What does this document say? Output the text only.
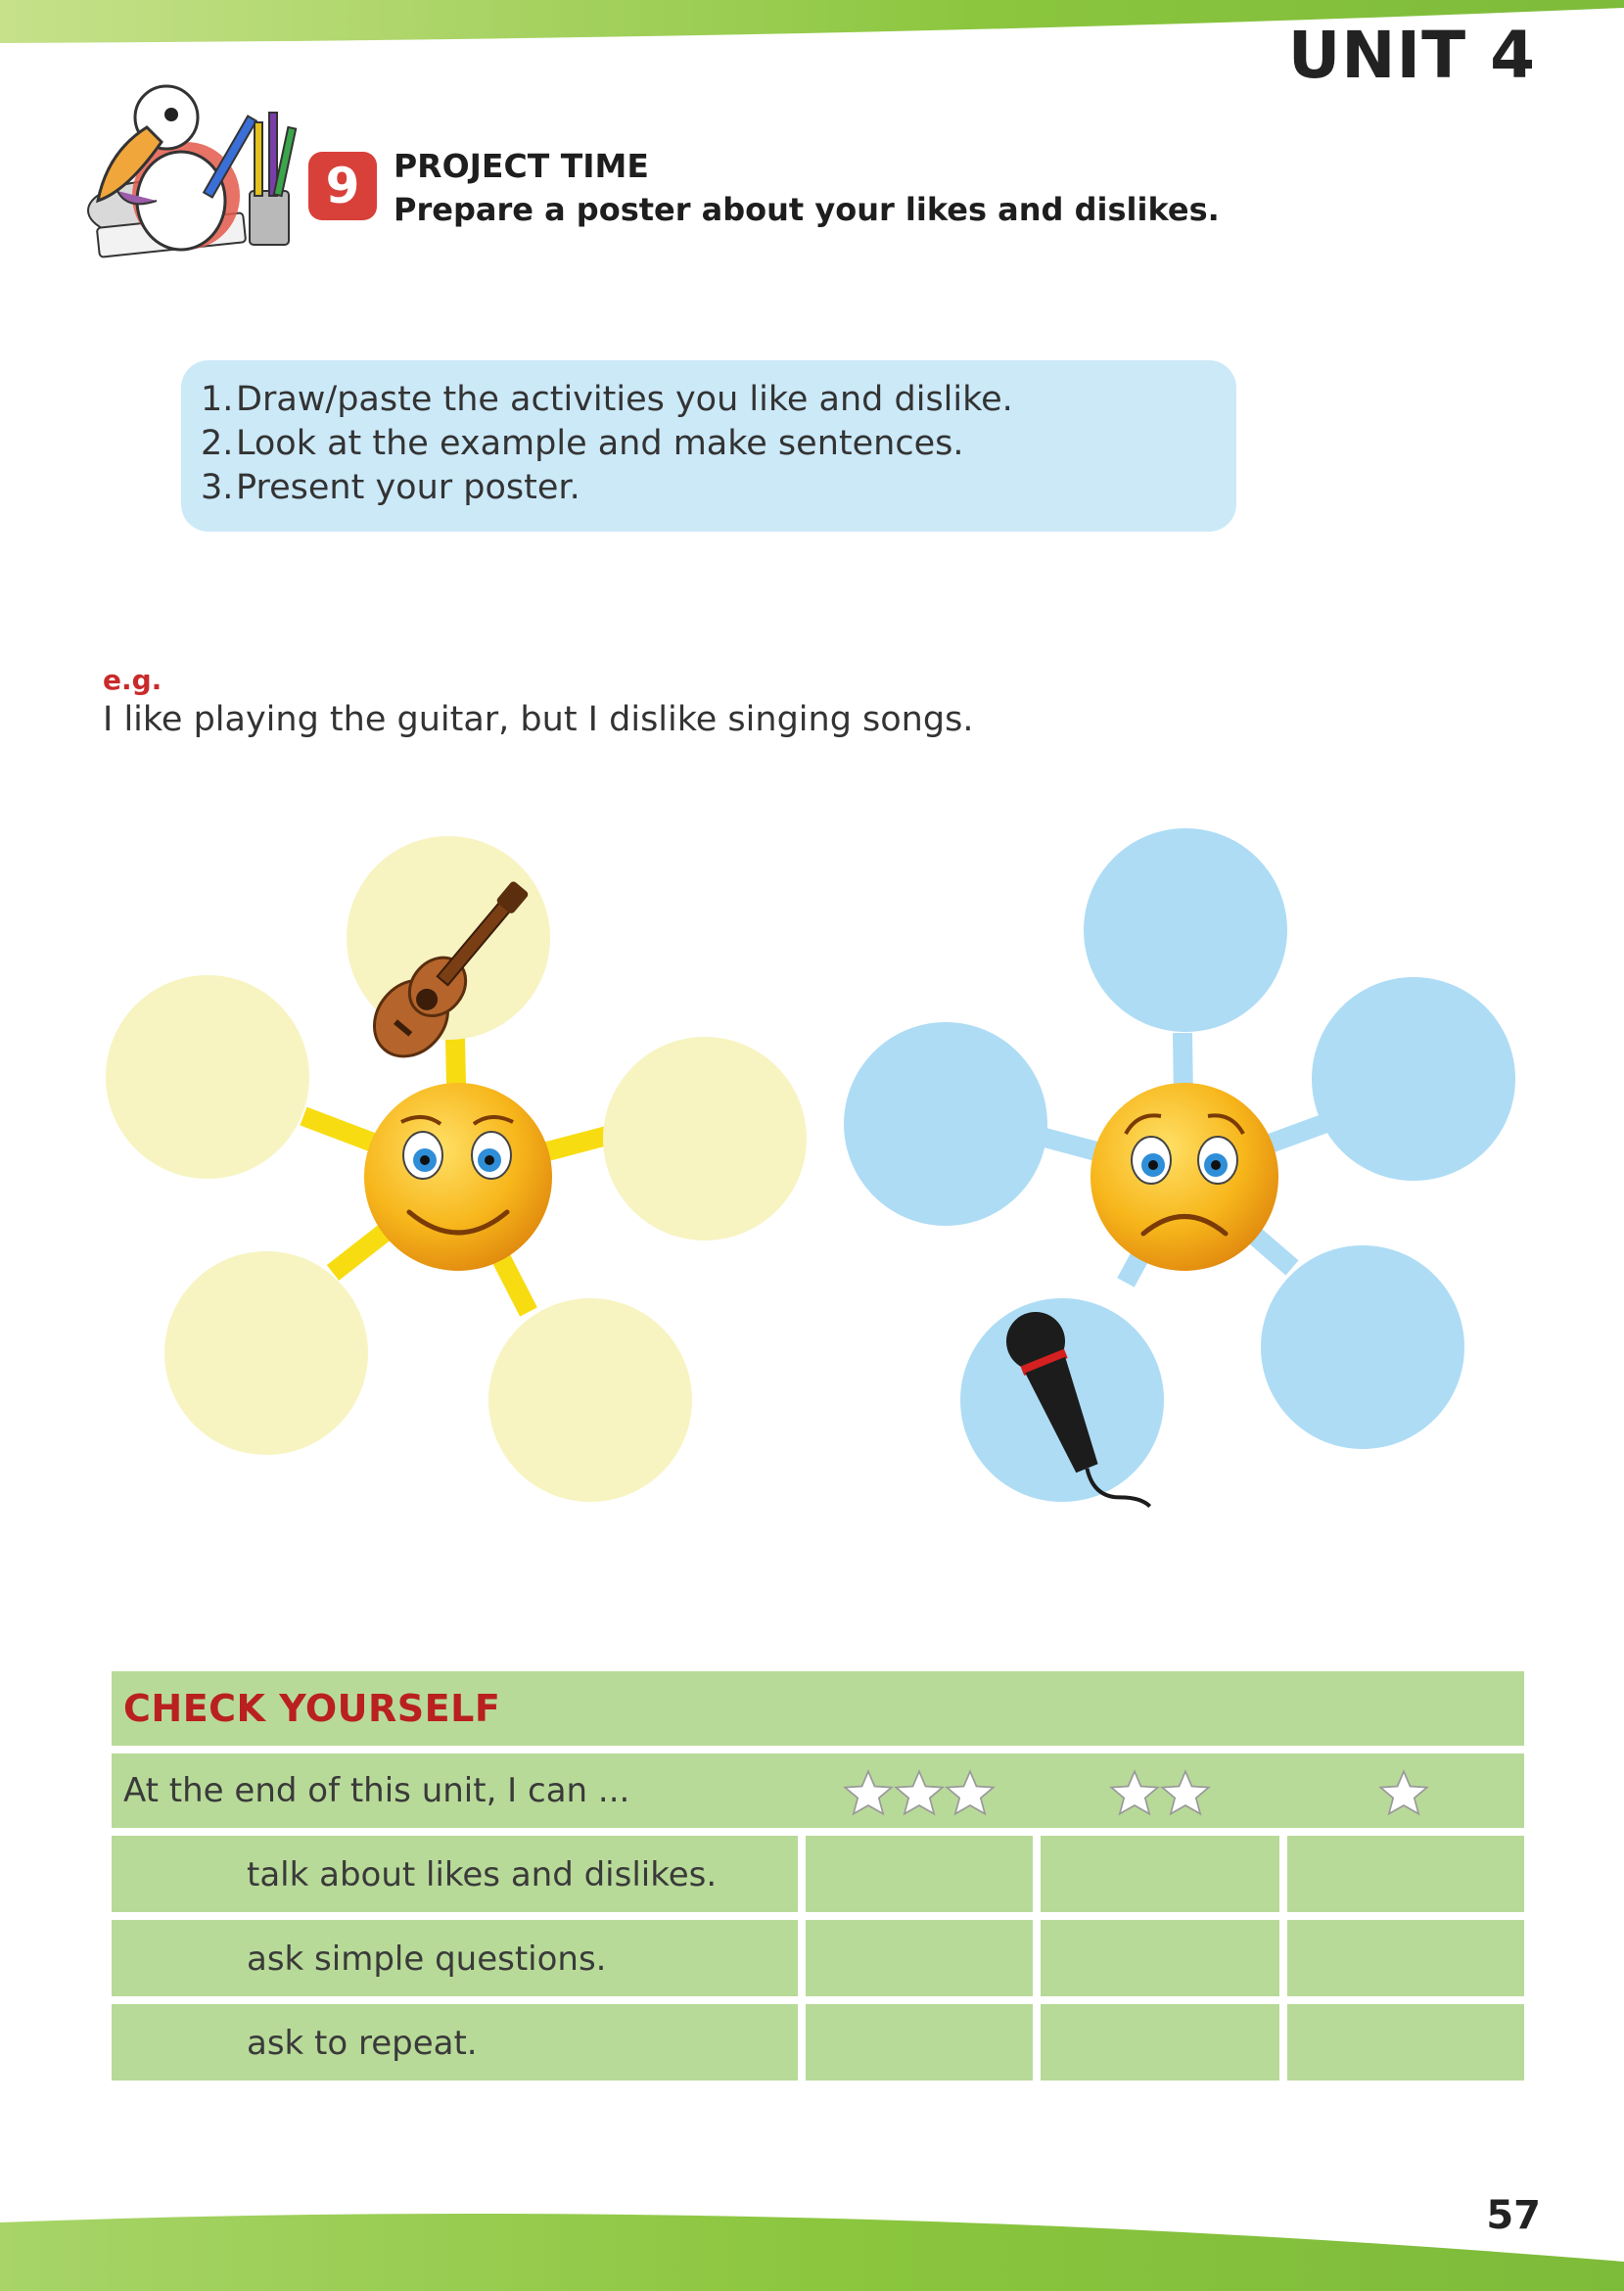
UNIT 4
9	PROJECT TIME
Prepare a poster about your likes and dislikes.
1. Draw/paste the activities you like and dislike.
2. Look at the example and make sentences.
3. Present your poster.
e.g.
I like playing the guitar, but I dislike singing songs.
CHECK YOURSELF
At the end of this unit, I can ...
talk about likes and dislikes.
ask simple questions.
ask to repeat.
57
